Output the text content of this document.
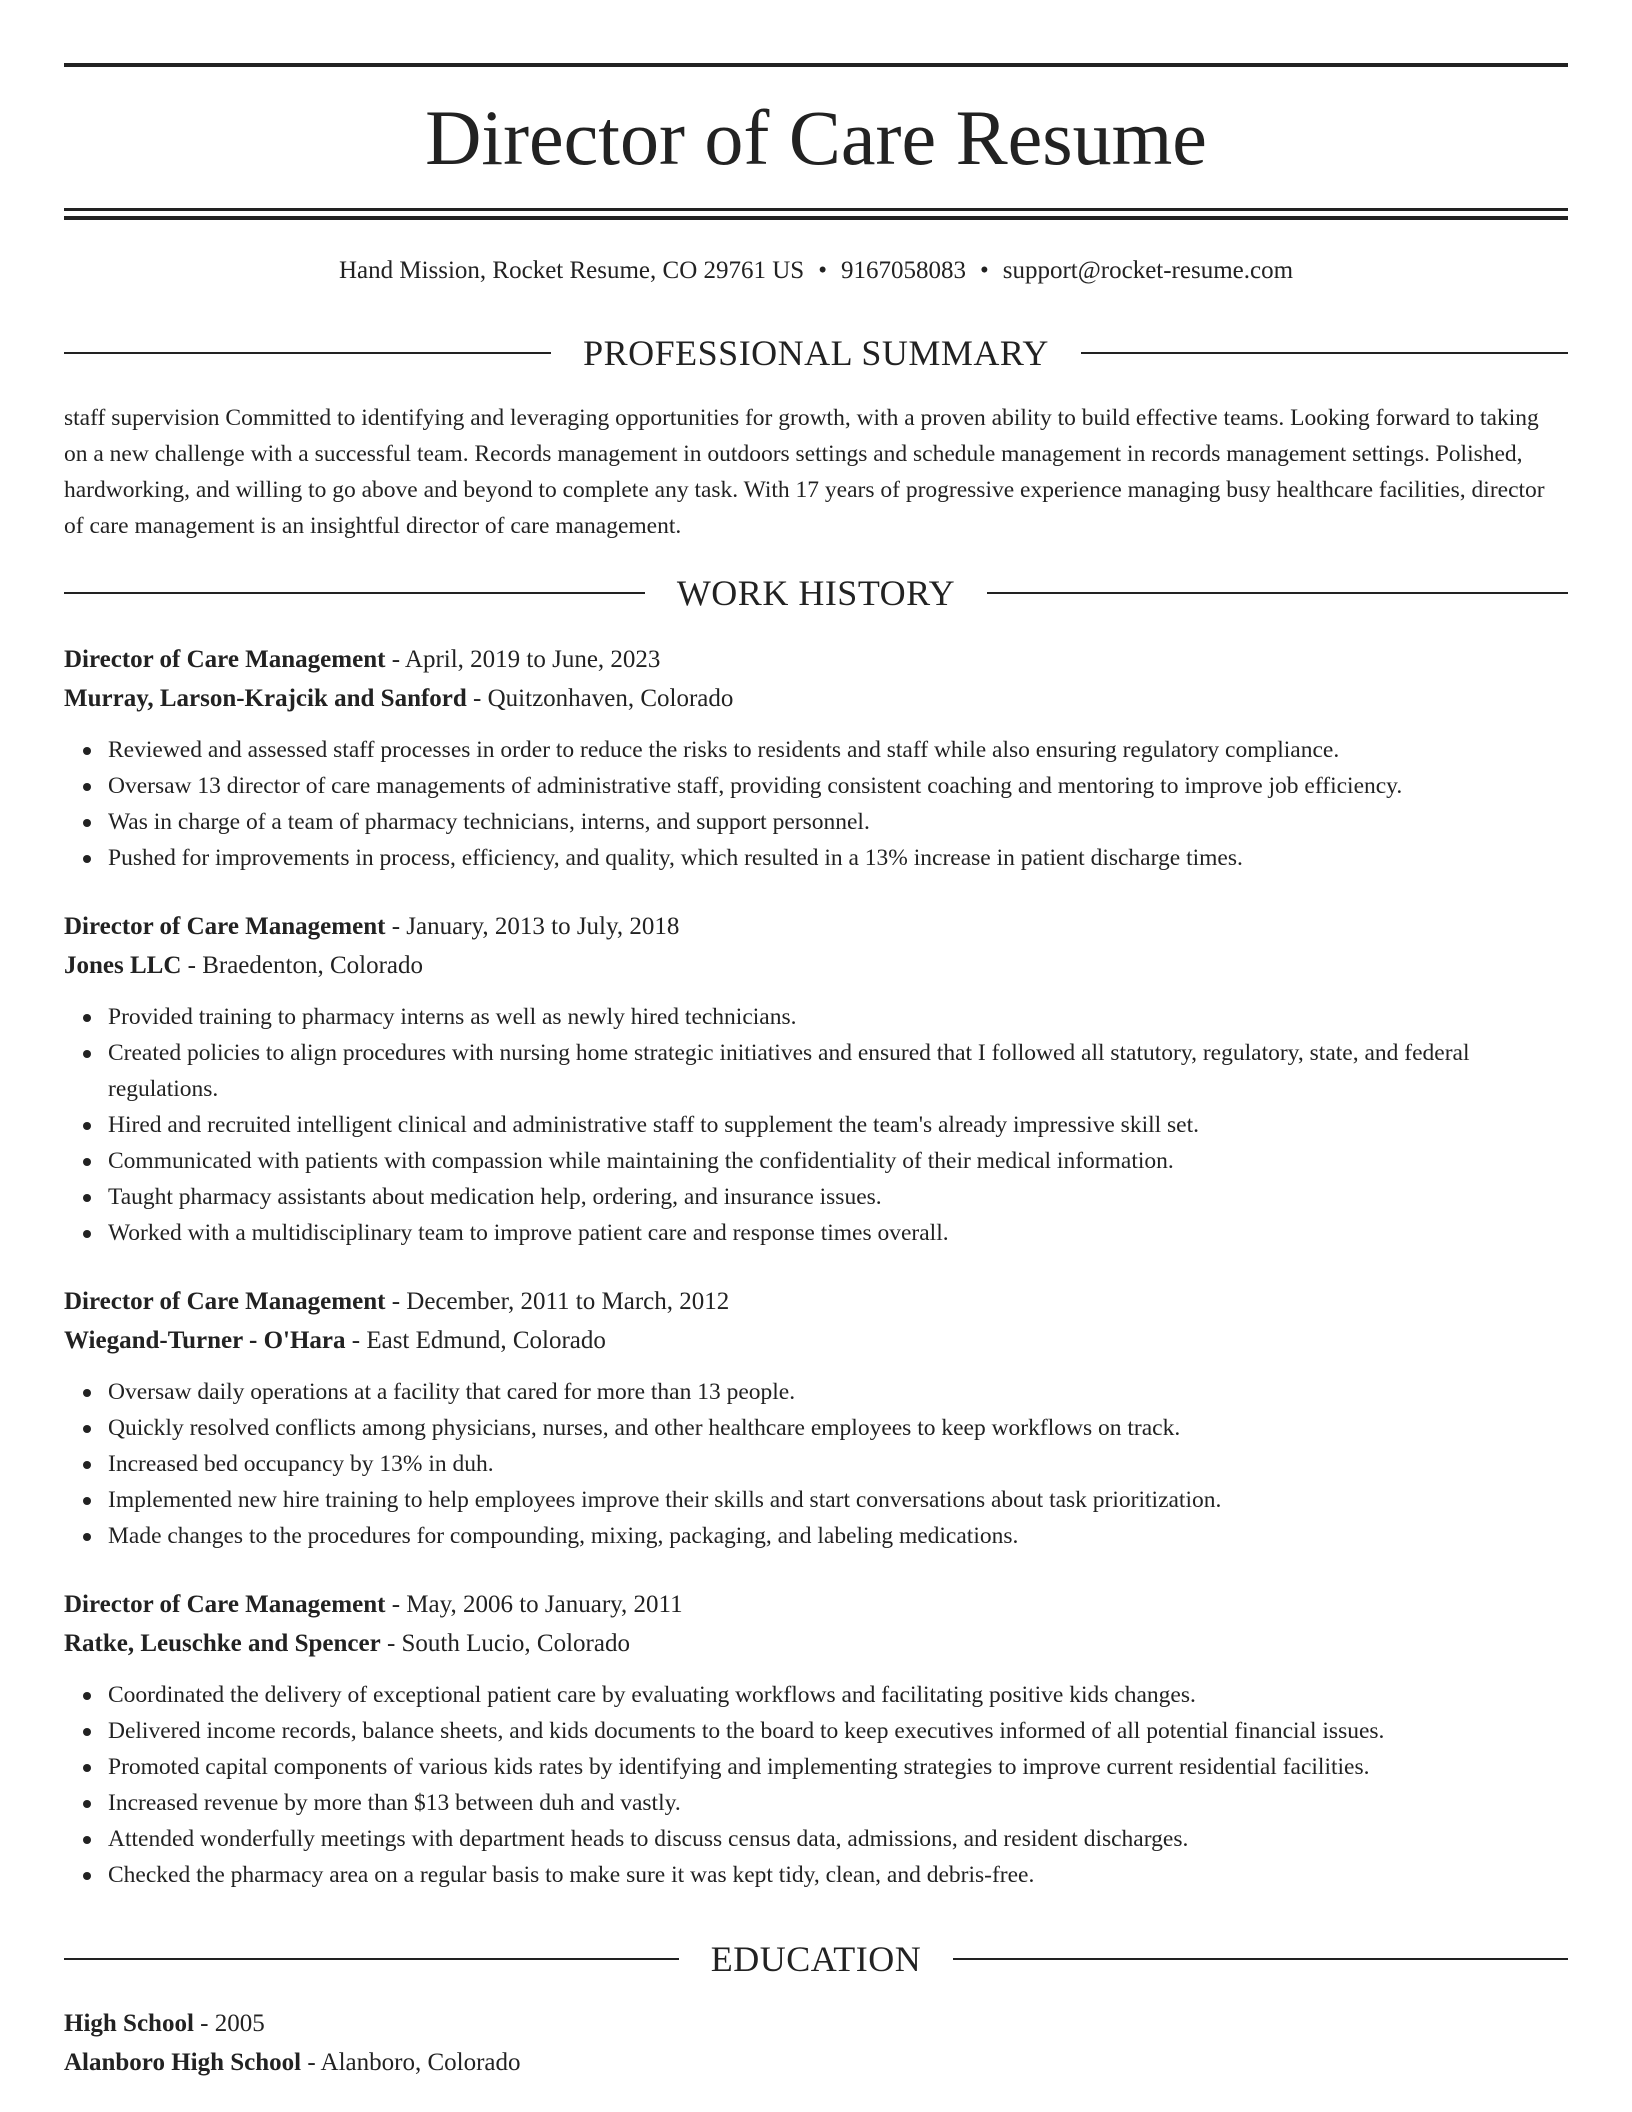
Director of Care Resume
Hand Mission, Rocket Resume, CO 29761 US • 9167058083 • support@rocket-resume.com
PROFESSIONAL SUMMARY

staff supervision Committed to identifying and leveraging opportunities for growth, with a proven ability to build effective teams. Looking forward to taking on a new challenge with a successful team. Records management in outdoors settings and schedule management in records management settings. Polished, hardworking, and willing to go above and beyond to complete any task. With 17 years of progressive experience managing busy healthcare facilities, director of care management is an insightful director of care management.

WORK HISTORY

Director of Care Management - April, 2019 to June, 2023

Murray, Larson-Krajcik and Sanford - Quitzonhaven, Colorado

Reviewed and assessed staff processes in order to reduce the risks to residents and staff while also ensuring regulatory compliance.
Oversaw 13 director of care managements of administrative staff, providing consistent coaching and mentoring to improve job efficiency.
Was in charge of a team of pharmacy technicians, interns, and support personnel.
Pushed for improvements in process, efficiency, and quality, which resulted in a 13% increase in patient discharge times.

Director of Care Management - January, 2013 to July, 2018

Jones LLC - Braedenton, Colorado

Provided training to pharmacy interns as well as newly hired technicians.
Created policies to align procedures with nursing home strategic initiatives and ensured that I followed all statutory, regulatory, state, and federal regulations.
Hired and recruited intelligent clinical and administrative staff to supplement the team's already impressive skill set.
Communicated with patients with compassion while maintaining the confidentiality of their medical information.
Taught pharmacy assistants about medication help, ordering, and insurance issues.
Worked with a multidisciplinary team to improve patient care and response times overall.

Director of Care Management - December, 2011 to March, 2012

Wiegand-Turner - O'Hara - East Edmund, Colorado

Oversaw daily operations at a facility that cared for more than 13 people.
Quickly resolved conflicts among physicians, nurses, and other healthcare employees to keep workflows on track.
Increased bed occupancy by 13% in duh.
Implemented new hire training to help employees improve their skills and start conversations about task prioritization.
Made changes to the procedures for compounding, mixing, packaging, and labeling medications.

Director of Care Management - May, 2006 to January, 2011

Ratke, Leuschke and Spencer - South Lucio, Colorado

Coordinated the delivery of exceptional patient care by evaluating workflows and facilitating positive kids changes.
Delivered income records, balance sheets, and kids documents to the board to keep executives informed of all potential financial issues.
Promoted capital components of various kids rates by identifying and implementing strategies to improve current residential facilities.
Increased revenue by more than $13 between duh and vastly.
Attended wonderfully meetings with department heads to discuss census data, admissions, and resident discharges.
Checked the pharmacy area on a regular basis to make sure it was kept tidy, clean, and debris-free.
EDUCATION

High School - 2005

Alanboro High School - Alanboro, Colorado
